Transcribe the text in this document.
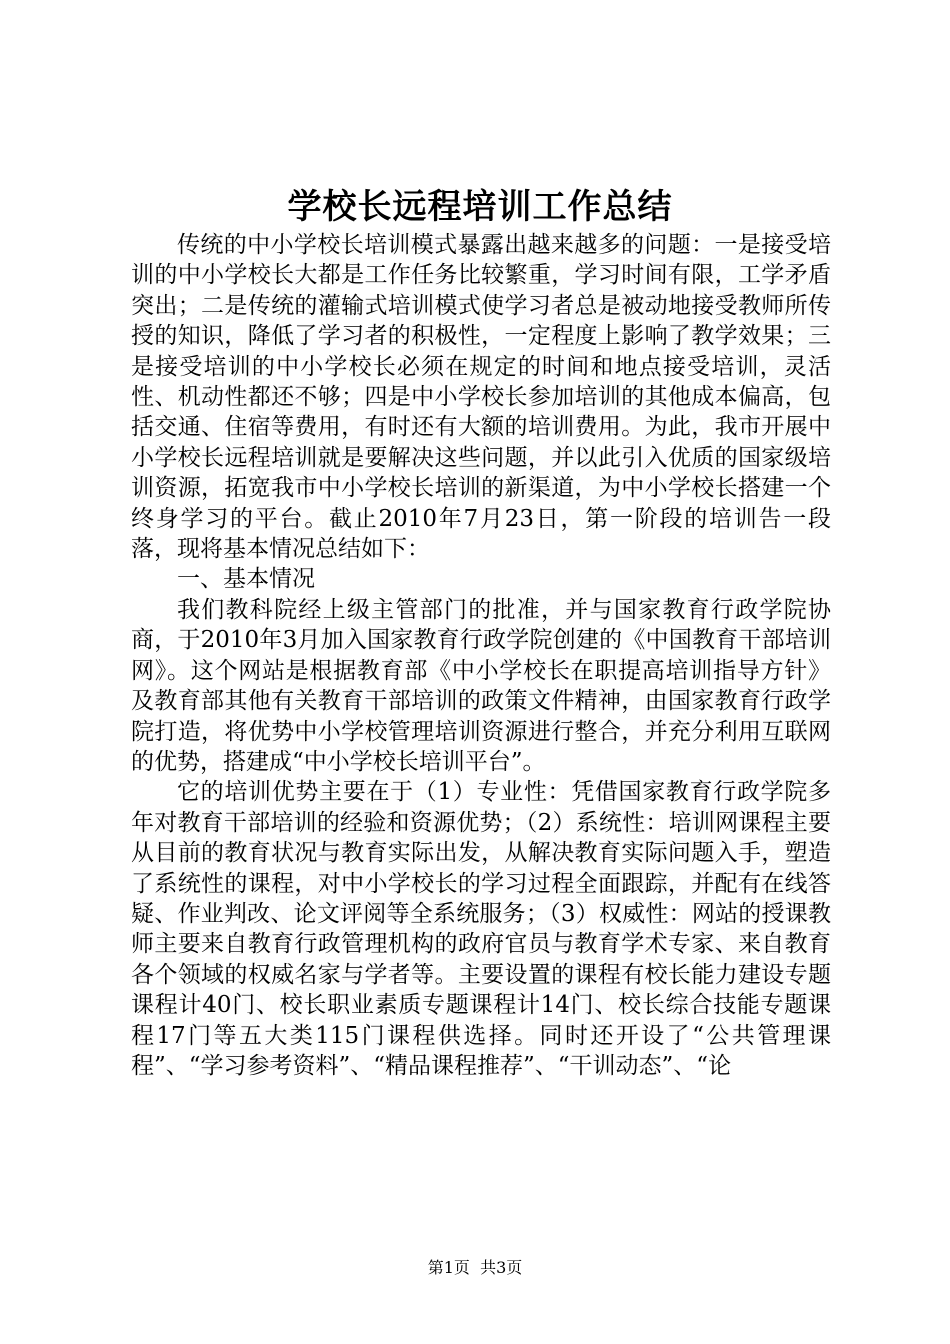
学校长远程培训工作总结

传统的中小学校长培训模式暴露出越来越多的问题：一是接受培训的中小学校长大都是工作任务比较繁重，学习时间有限，工学矛盾突出；二是传统的灌输式培训模式使学习者总是被动地接受教师所传授的知识，降低了学习者的积极性，一定程度上影响了教学效果；三是接受培训的中小学校长必须在规定的时间和地点接受培训，灵活性、机动性都还不够；四是中小学校长参加培训的其他成本偏高，包括交通、住宿等费用，有时还有大额的培训费用。为此，我市开展中小学校长远程培训就是要解决这些问题，并以此引入优质的国家级培训资源，拓宽我市中小学校长培训的新渠道，为中小学校长搭建一个终身学习的平台。截止2010年7月23日，第一阶段的培训告一段落，现将基本情况总结如下：

一、基本情况

我们教科院经上级主管部门的批准，并与国家教育行政学院协商，于2010年3月加入国家教育行政学院创建的《中国教育干部培训网》。这个网站是根据教育部《中小学校长在职提高培训指导方针》及教育部其他有关教育干部培训的政策文件精神，由国家教育行政学院打造，将优势中小学校管理培训资源进行整合，并充分利用互联网的优势，搭建成“中小学校长培训平台”。

它的培训优势主要在于（1）专业性：凭借国家教育行政学院多年对教育干部培训的经验和资源优势；（2）系统性：培训网课程主要从目前的教育状况与教育实际出发，从解决教育实际问题入手，塑造了系统性的课程，对中小学校长的学习过程全面跟踪，并配有在线答疑、作业判改、论文评阅等全系统服务；（3）权威性：网站的授课教师主要来自教育行政管理机构的政府官员与教育学术专家、来自教育各个领域的权威名家与学者等。主要设置的课程有校长能力建设专题课程计40门、校长职业素质专题课程计14门、校长综合技能专题课程17门等五大类115门课程供选择。同时还开设了“公共管理课程”、“学习参考资料”、“精品课程推荐”、“干训动态”、“论

第1页 共3页
